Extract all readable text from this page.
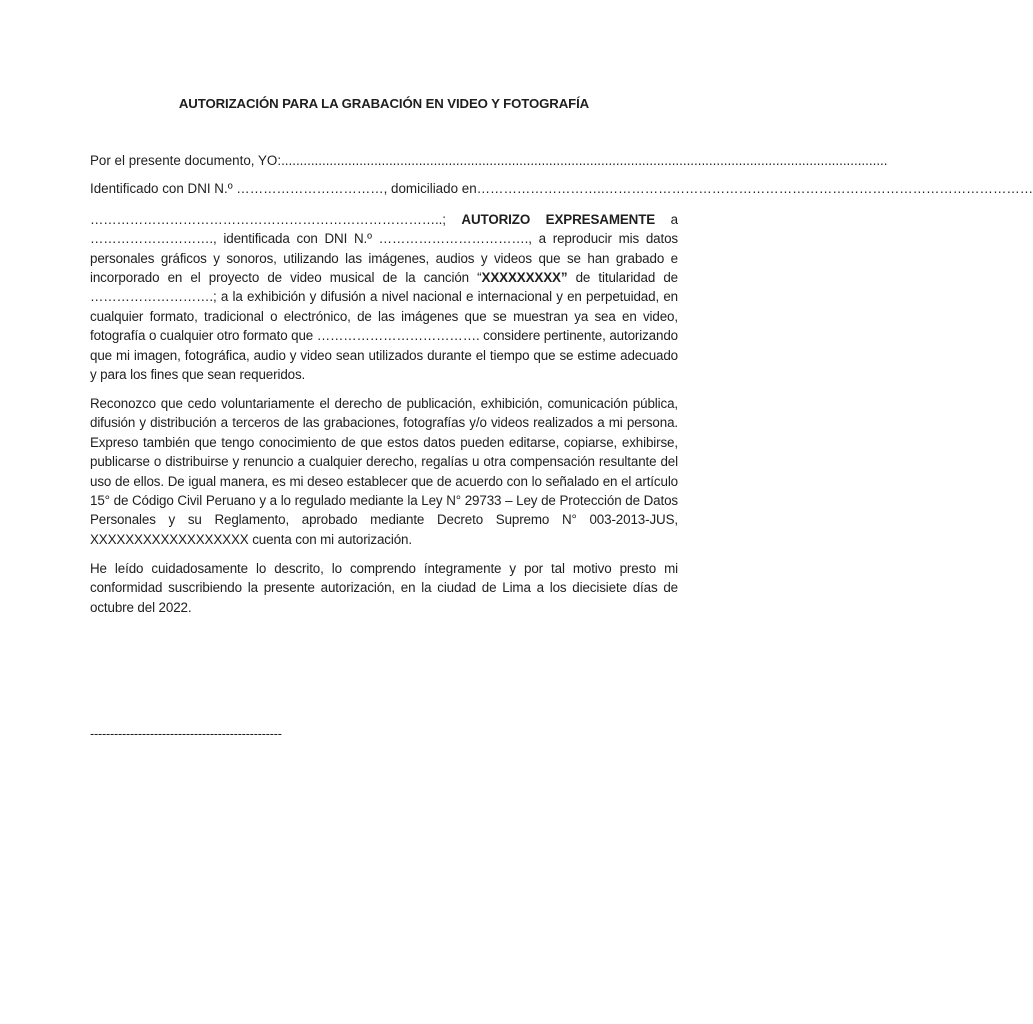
AUTORIZACIÓN PARA LA GRABACIÓN EN VIDEO Y FOTOGRAFÍA
Por el presente documento, YO: ...................................................................................................................................................................
Identificado con DNI N.º ……………………………, domiciliado en ………………………..……………………………………………………………………………………

……………………………………………………………………..; AUTORIZO EXPRESAMENTE a ………………………., identificada con DNI N.º ……………………………., a reproducir mis datos personales gráficos y sonoros, utilizando las imágenes, audios y videos que se han grabado e incorporado en el proyecto de video musical de la canción “XXXXXXXXX” de titularidad de ……………………….; a la exhibición y difusión a nivel nacional e internacional y en perpetuidad, en cualquier formato, tradicional o electrónico, de las imágenes que se muestran ya sea en video, fotografía o cualquier otro formato que ………………………………. considere pertinente, autorizando que mi imagen, fotográfica, audio y video sean utilizados durante el tiempo que se estime adecuado y para los fines que sean requeridos.

Reconozco que cedo voluntariamente el derecho de publicación, exhibición, comunicación pública, difusión y distribución a terceros de las grabaciones, fotografías y/o videos realizados a mi persona. Expreso también que tengo conocimiento de que estos datos pueden editarse, copiarse, exhibirse, publicarse o distribuirse y renuncio a cualquier derecho, regalías u otra compensación resultante del uso de ellos. De igual manera, es mi deseo establecer que de acuerdo con lo señalado en el artículo 15° de Código Civil Peruano y a lo regulado mediante la Ley N° 29733 – Ley de Protección de Datos Personales y su Reglamento, aprobado mediante Decreto Supremo N° 003-2013-JUS, XXXXXXXXXXXXXXXXXX cuenta con mi autorización.

He leído cuidadosamente lo descrito, lo comprendo íntegramente y por tal motivo presto mi conformidad suscribiendo la presente autorización, en la ciudad de Lima a los diecisiete días de octubre del 2022.

------------------------------------------------
